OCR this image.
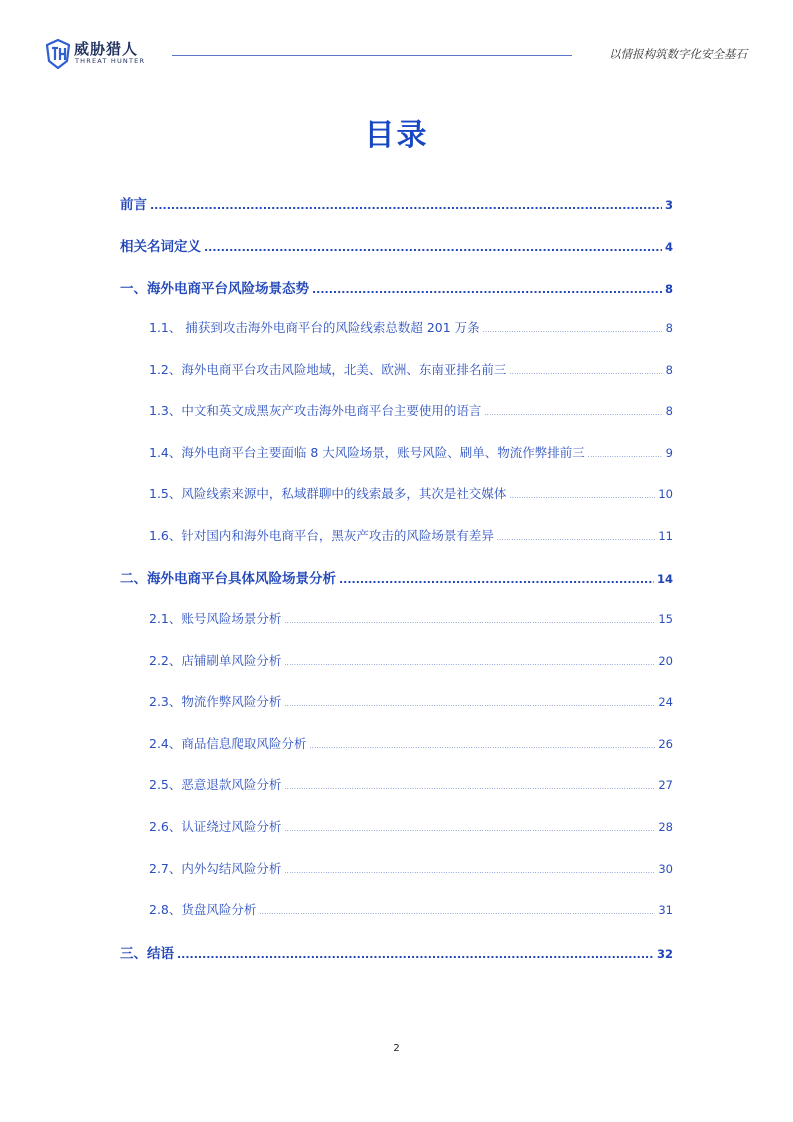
威胁猎人
THREAT HUNTER	以情报构筑数字化安全基石
目录
前言 .....	3
相关名词定义 .....	4
一、海外电商平台风险场景态势 .....	8
1.1、 捕获到攻击海外电商平台的风险线索总数超 201 万条 .....	8
1.2、海外电商平台攻击风险地域，北美、欧洲、东南亚排名前三 .....	8
1.3、中文和英文成黑灰产攻击海外电商平台主要使用的语言 .....	8
1.4、海外电商平台主要面临 8 大风险场景，账号风险、刷单、物流作弊排前三 .....	9
1.5、风险线索来源中，私域群聊中的线索最多，其次是社交媒体 .....	10
1.6、针对国内和海外电商平台，黑灰产攻击的风险场景有差异 .....	11
二、海外电商平台具体风险场景分析 .....	14
2.1、账号风险场景分析 .....	15
2.2、店铺刷单风险分析 .....	20
2.3、物流作弊风险分析 .....	24
2.4、商品信息爬取风险分析 .....	26
2.5、恶意退款风险分析 .....	27
2.6、认证绕过风险分析 .....	28
2.7、内外勾结风险分析 .....	30
2.8、货盘风险分析 .....	31
三、结语 .....	32
2
